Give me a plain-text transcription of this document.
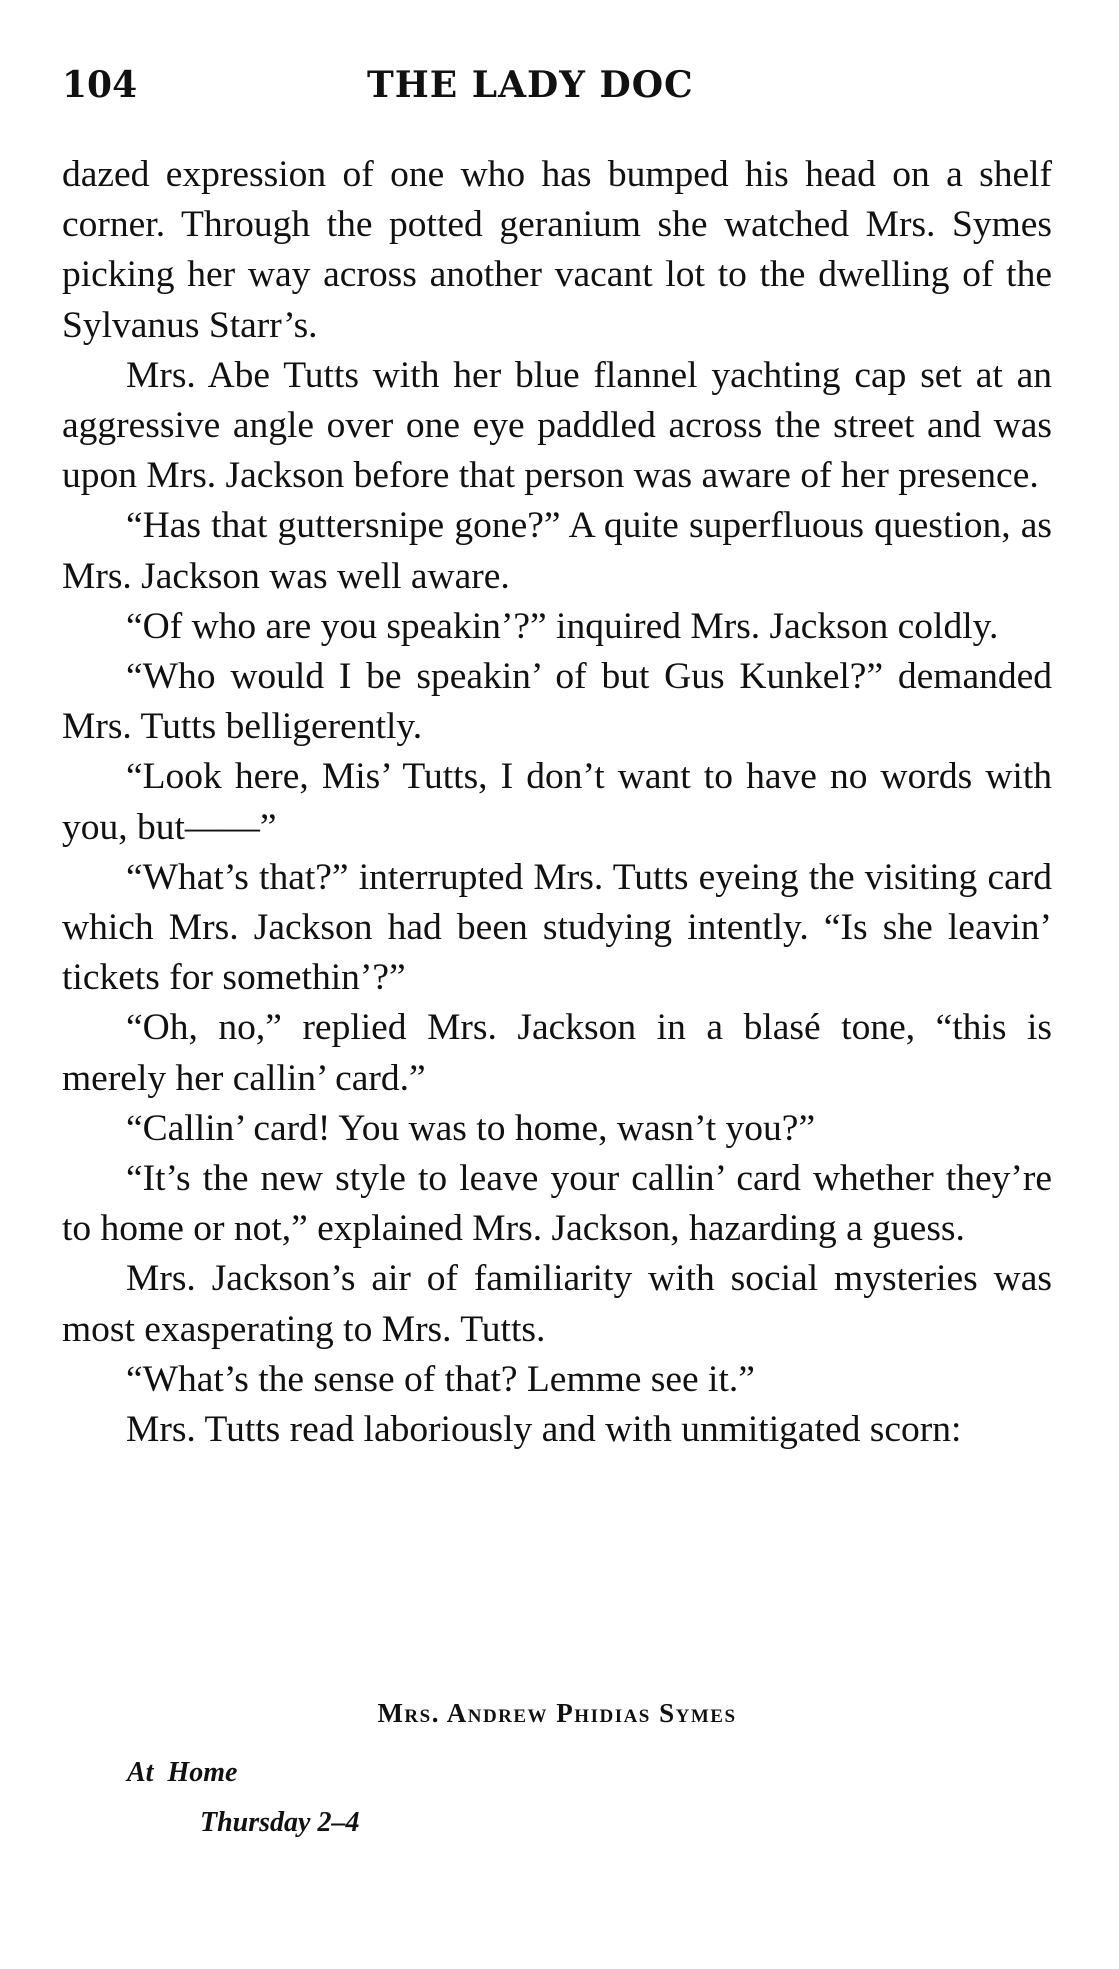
104	THE LADY DOC

dazed expression of one who has bumped his head on a shelf corner. Through the potted geranium she watched Mrs. Symes picking her way across another vacant lot to the dwelling of the Sylvanus Starr’s.

Mrs. Abe Tutts with her blue flannel yachting cap set at an aggressive angle over one eye paddled across the street and was upon Mrs. Jackson before that person was aware of her presence.

“Has that guttersnipe gone?” A quite superfluous question, as Mrs. Jackson was well aware.

“Of who are you speakin’?” inquired Mrs. Jackson coldly.

“Who would I be speakin’ of but Gus Kunkel?” demanded Mrs. Tutts belligerently.

“Look here, Mis’ Tutts, I don’t want to have no words with you, but——”

“What’s that?” interrupted Mrs. Tutts eyeing the visiting card which Mrs. Jackson had been studying intently. “Is she leavin’ tickets for somethin’?”

“Oh, no,” replied Mrs. Jackson in a blasé tone, “this is merely her callin’ card.”

“Callin’ card! You was to home, wasn’t you?”

“It’s the new style to leave your callin’ card whether they’re to home or not,” explained Mrs. Jackson, hazarding a guess.

Mrs. Jackson’s air of familiarity with social mysteries was most exasperating to Mrs. Tutts.

“What’s the sense of that? Lemme see it.”

Mrs. Tutts read laboriously and with unmitigated scorn:

Mrs. Andrew Phidias Symes
At Home
Thursday 2–4
